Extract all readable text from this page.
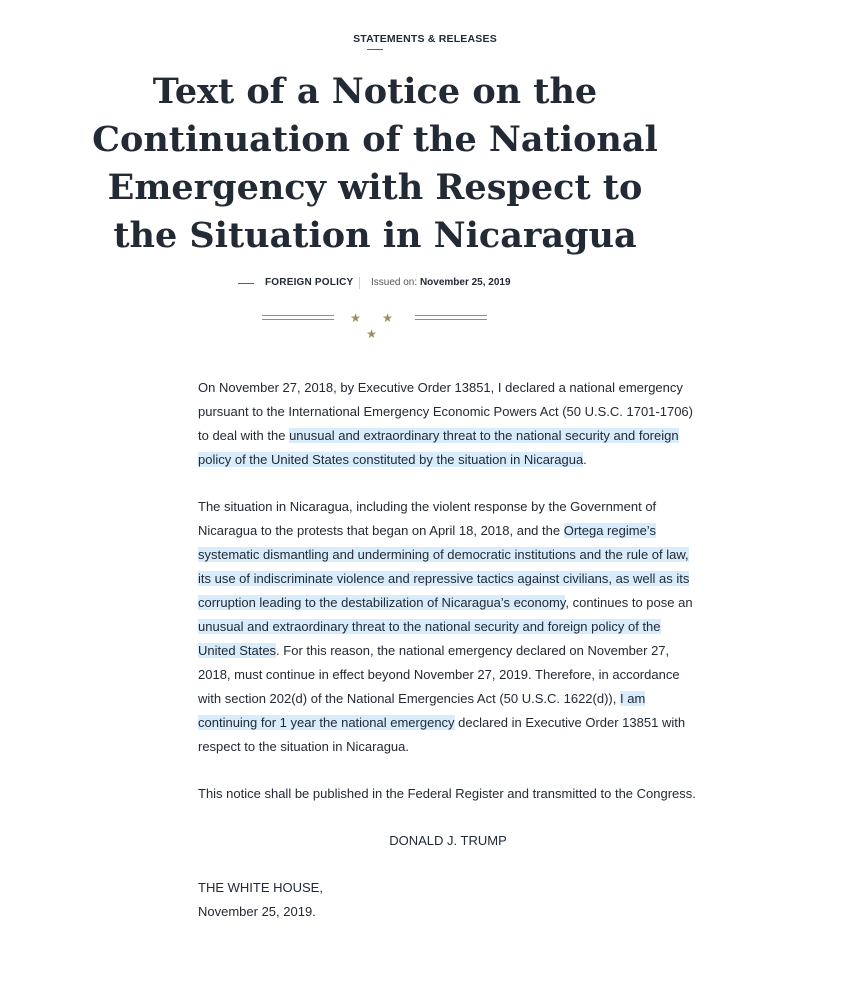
STATEMENTS & RELEASES
Text of a Notice on the Continuation of the National Emergency with Respect to the Situation in Nicaragua
FOREIGN POLICY Issued on: November 25, 2019
★ ★ ★

On November 27, 2018, by Executive Order 13851, I declared a national emergency pursuant to the International Emergency Economic Powers Act (50 U.S.C. 1701-1706) to deal with the unusual and extraordinary threat to the national security and foreign policy of the United States constituted by the situation in Nicaragua.

The situation in Nicaragua, including the violent response by the Government of Nicaragua to the protests that began on April 18, 2018, and the Ortega regime’s systematic dismantling and undermining of democratic institutions and the rule of law, its use of indiscriminate violence and repressive tactics against civilians, as well as its corruption leading to the destabilization of Nicaragua’s economy, continues to pose an unusual and extraordinary threat to the national security and foreign policy of the United States. For this reason, the national emergency declared on November 27, 2018, must continue in effect beyond November 27, 2019. Therefore, in accordance with section 202(d) of the National Emergencies Act (50 U.S.C. 1622(d)), I am continuing for 1 year the national emergency declared in Executive Order 13851 with respect to the situation in Nicaragua.

This notice shall be published in the Federal Register and transmitted to the Congress.

DONALD J. TRUMP

THE WHITE HOUSE,
November 25, 2019.
